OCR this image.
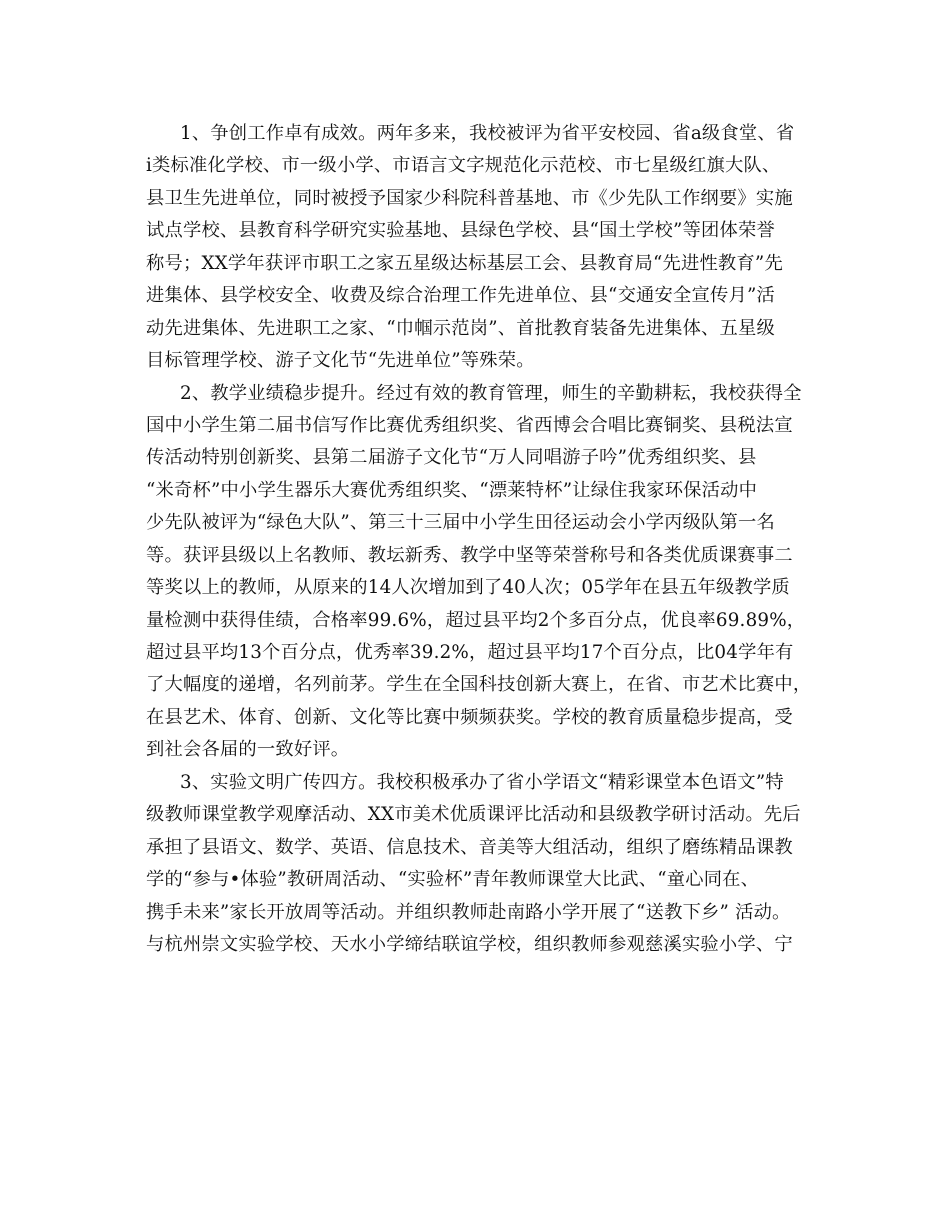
1、争创工作卓有成效。两年多来，我校被评为省平安校园、省a级食堂、省
i类标准化学校、市一级小学、市语言文字规范化示范校、市七星级红旗大队、
县卫生先进单位，同时被授予国家少科院科普基地、市《少先队工作纲要》实施
试点学校、县教育科学研究实验基地、县绿色学校、县“国土学校”等团体荣誉
称号；XX学年获评市职工之家五星级达标基层工会、县教育局“先进性教育”先
进集体、县学校安全、收费及综合治理工作先进单位、县“交通安全宣传月”活
动先进集体、先进职工之家、“巾帼示范岗”、首批教育装备先进集体、五星级
目标管理学校、游子文化节“先进单位”等殊荣。
2、教学业绩稳步提升。经过有效的教育管理，师生的辛勤耕耘，我校获得全
国中小学生第二届书信写作比赛优秀组织奖、省西博会合唱比赛铜奖、县税法宣
传活动特别创新奖、县第二届游子文化节“万人同唱游子吟”优秀组织奖、县
“米奇杯”中小学生器乐大赛优秀组织奖、“漂莱特杯”让绿住我家环保活动中
少先队被评为“绿色大队”、第三十三届中小学生田径运动会小学丙级队第一名
等。获评县级以上名教师、教坛新秀、教学中坚等荣誉称号和各类优质课赛事二
等奖以上的教师，从原来的14人次增加到了40人次；05学年在县五年级教学质
量检测中获得佳绩，合格率99.6%，超过县平均2个多百分点，优良率69.89%，
超过县平均13个百分点，优秀率39.2%，超过县平均17个百分点，比04学年有
了大幅度的递增，名列前茅。学生在全国科技创新大赛上，在省、市艺术比赛中，
在县艺术、体育、创新、文化等比赛中频频获奖。学校的教育质量稳步提高，受
到社会各届的一致好评。
3、实验文明广传四方。我校积极承办了省小学语文“精彩课堂本色语文”特
级教师课堂教学观摩活动、XX市美术优质课评比活动和县级教学研讨活动。先后
承担了县语文、数学、英语、信息技术、音美等大组活动，组织了磨练精品课教
学的“参与•体验”教研周活动、“实验杯”青年教师课堂大比武、“童心同在、
携手未来”家长开放周等活动。并组织教师赴南路小学开展了“送教下乡” 活动。
与杭州崇文实验学校、天水小学缔结联谊学校，组织教师参观慈溪实验小学、宁
